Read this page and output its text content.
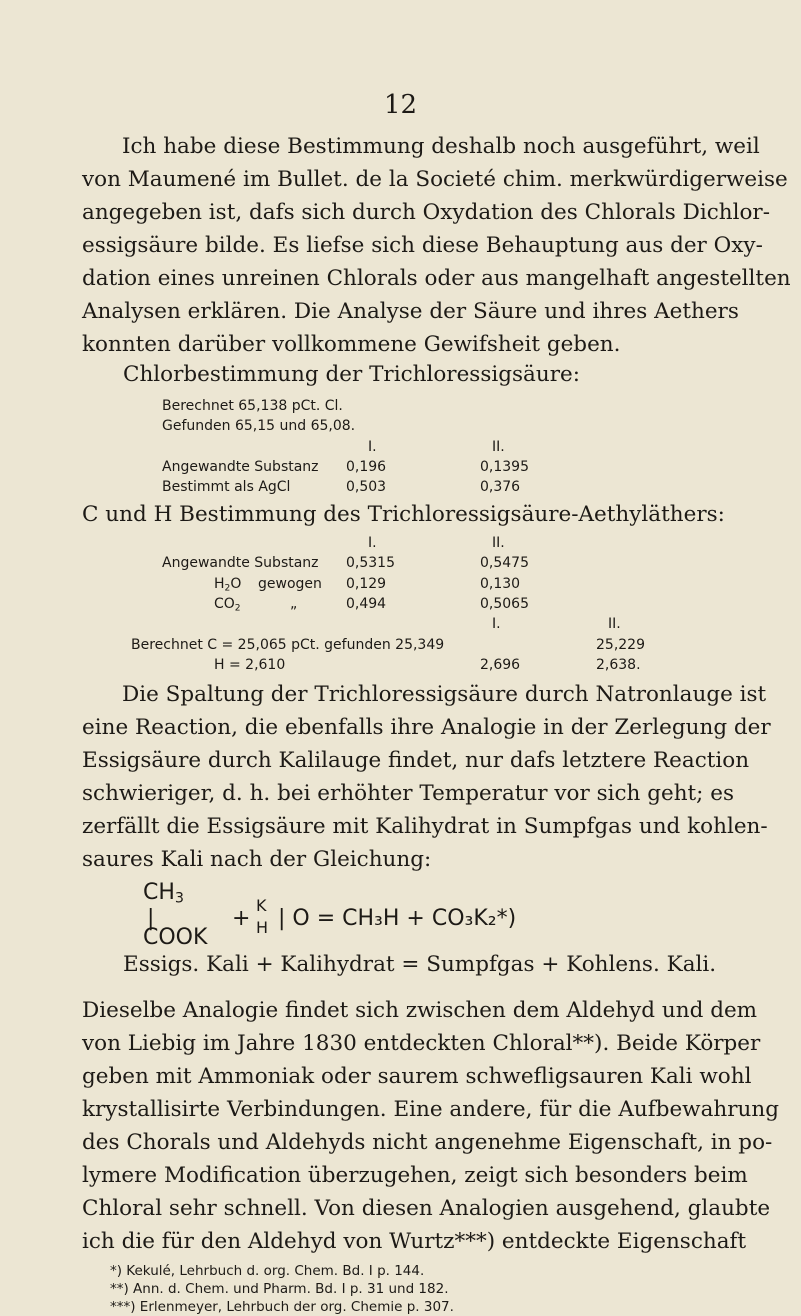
12
Ich habe diese Bestimmung deshalb noch ausgeführt, weil
von Maumené im Bullet. de la Societé chim. merkwürdigerweise
angegeben ist, dafs sich durch Oxydation des Chlorals Dichlor-
essigsäure bilde. Es liefse sich diese Behauptung aus der Oxy-
dation eines unreinen Chlorals oder aus mangelhaft angestellten
Analysen erklären. Die Analyse der Säure und ihres Aethers
konnten darüber vollkommene Gewifsheit geben.
Chlorbestimmung der Trichloressigsäure:
Berechnet 65,138 pCt. Cl.
Gefunden 65,15 und 65,08.
I.	II.
Angewandte Substanz 0,196	0,1395
Bestimmt als AgCl	0,503	0,376
C und H Bestimmung des Trichloressigsäure-Aethyläthers:
I.	II.
Angewandte Substanz 0,5315	0,5475
$H_2O$ gewogen 0,129	0,130
$CO_2$	„	0,494	0,5065
I.	II.
Berechnet C = 25,065 pCt. gefunden 25,349	25,229
H = 2,610	2,696	2,638.
Die Spaltung der Trichloressigsäure durch Natronlauge ist
eine Reaction, die ebenfalls ihre Analogie in der Zerlegung der
Essigsäure durch Kalilauge findet, nur dafs letztere Reaction
schwieriger, d. h. bei erhöhter Temperatur vor sich geht; es
zerfällt die Essigsäure mit Kalihydrat in Sumpfgas und kohlen-
saures Kali nach der Gleichung:
$CH_3$
|
COOK
+
K
H | O = CH₃H + CO₃K₂*)
Essigs. Kali + Kalihydrat = Sumpfgas + Kohlens. Kali.
Dieselbe Analogie findet sich zwischen dem Aldehyd und dem
von Liebig im Jahre 1830 entdeckten Chloral**). Beide Körper
geben mit Ammoniak oder saurem schwefligsauren Kali wohl
krystallisirte Verbindungen. Eine andere, für die Aufbewahrung
des Chorals und Aldehyds nicht angenehme Eigenschaft, in po-
lymere Modification überzugehen, zeigt sich besonders beim
Chloral sehr schnell. Von diesen Analogien ausgehend, glaubte
ich die für den Aldehyd von Wurtz***) entdeckte Eigenschaft
*) Kekulé, Lehrbuch d. org. Chem. Bd. I p. 144.
**) Ann. d. Chem. und Pharm. Bd. I p. 31 und 182.
***) Erlenmeyer, Lehrbuch der org. Chemie p. 307.
